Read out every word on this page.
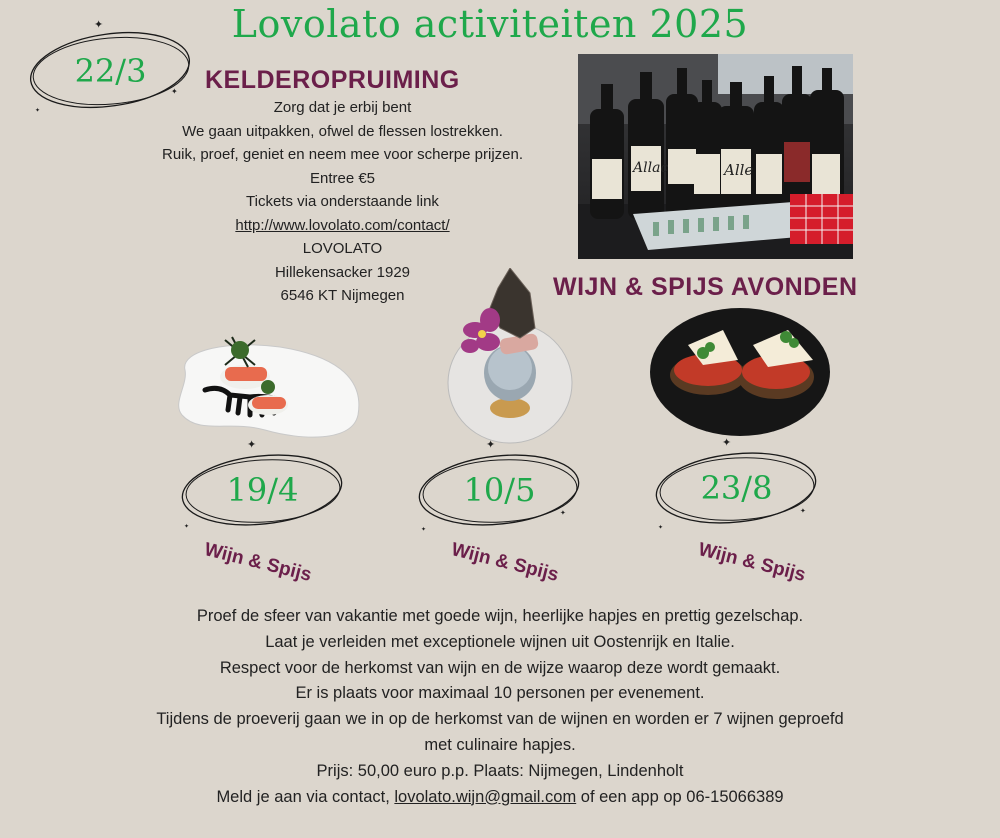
Lovolato activiteiten 2025
22/3
✦
✦
✦
KELDEROPRUIMING
Zorg dat je erbij bent
We gaan uitpakken, ofwel de flessen lostrekken.
Ruik, proef, geniet en neem mee voor scherpe prijzen.
Entree €5
Tickets via onderstaande link
http://www.lovolato.com/contact/
LOVOLATO
Hillekensacker 1929
6546 KT Nijmegen
Allac	Alle
WIJN & SPIJS AVONDEN
19/4	10/5	23/8
✦
✦
✦
✦
✦
✦
✦
✦
Wijn & Spijs	Wijn & Spijs	Wijn & Spijs
Proef de sfeer van vakantie met goede wijn, heerlijke hapjes en prettig gezelschap.
Laat je verleiden met exceptionele wijnen uit Oostenrijk en Italie.
Respect voor de herkomst van wijn en de wijze waarop deze wordt gemaakt.
Er is plaats voor maximaal 10 personen per evenement.
Tijdens de proeverij gaan we in op de herkomst van de wijnen en worden er 7 wijnen geproefd
met culinaire hapjes.
Prijs: 50,00 euro p.p. Plaats: Nijmegen, Lindenholt
Meld je aan via contact, lovolato.wijn@gmail.com of een app op 06-15066389
